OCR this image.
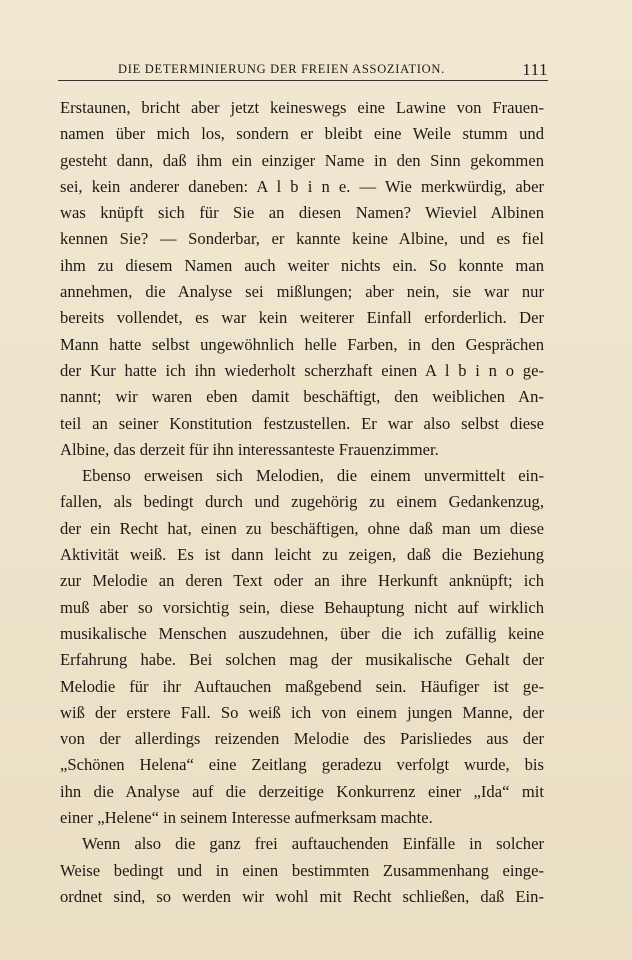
DIE DETERMINIERUNG DER FREIEN ASSOZIATION.	111
Erstaunen, bricht aber jetzt keineswegs eine Lawine von Frauen-
namen über mich los, sondern er bleibt eine Weile stumm und
gesteht dann, daß ihm ein einziger Name in den Sinn gekommen
sei, kein anderer daneben: A l b i n e. — Wie merkwürdig, aber
was knüpft sich für Sie an diesen Namen? Wieviel Albinen
kennen Sie? — Sonderbar, er kannte keine Albine, und es fiel
ihm zu diesem Namen auch weiter nichts ein. So konnte man
annehmen, die Analyse sei mißlungen; aber nein, sie war nur
bereits vollendet, es war kein weiterer Einfall erforderlich. Der
Mann hatte selbst ungewöhnlich helle Farben, in den Gesprächen
der Kur hatte ich ihn wiederholt scherzhaft einen A l b i n o ge-
nannt; wir waren eben damit beschäftigt, den weiblichen An-
teil an seiner Konstitution festzustellen. Er war also selbst diese
Albine, das derzeit für ihn interessanteste Frauenzimmer.
Ebenso erweisen sich Melodien, die einem unvermittelt ein-
fallen, als bedingt durch und zugehörig zu einem Gedankenzug,
der ein Recht hat, einen zu beschäftigen, ohne daß man um diese
Aktivität weiß. Es ist dann leicht zu zeigen, daß die Beziehung
zur Melodie an deren Text oder an ihre Herkunft anknüpft; ich
muß aber so vorsichtig sein, diese Behauptung nicht auf wirklich
musikalische Menschen auszudehnen, über die ich zufällig keine
Erfahrung habe. Bei solchen mag der musikalische Gehalt der
Melodie für ihr Auftauchen maßgebend sein. Häufiger ist ge-
wiß der erstere Fall. So weiß ich von einem jungen Manne, der
von der allerdings reizenden Melodie des Parisliedes aus der
„Schönen Helena“ eine Zeitlang geradezu verfolgt wurde, bis
ihn die Analyse auf die derzeitige Konkurrenz einer „Ida“ mit
einer „Helene“ in seinem Interesse aufmerksam machte.
Wenn also die ganz frei auftauchenden Einfälle in solcher
Weise bedingt und in einen bestimmten Zusammenhang einge-
ordnet sind, so werden wir wohl mit Recht schließen, daß Ein-
